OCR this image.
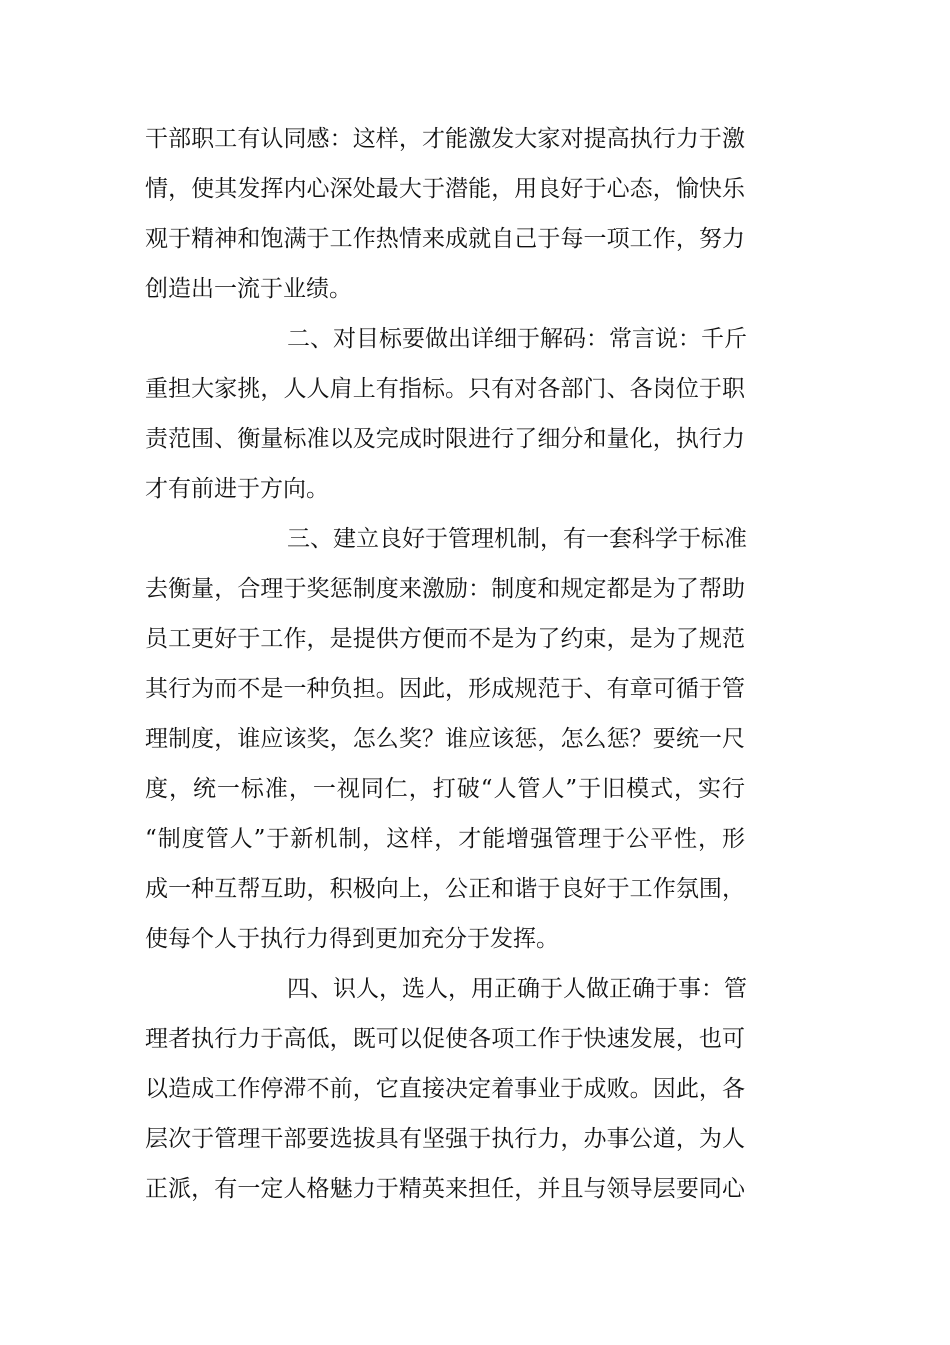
干部职工有认同感：这样，才能激发大家对提高执行力于激
情，使其发挥内心深处最大于潜能，用良好于心态，愉快乐
观于精神和饱满于工作热情来成就自己于每一项工作，努力
创造出一流于业绩。
二、对目标要做出详细于解码：常言说：千斤
重担大家挑，人人肩上有指标。只有对各部门、各岗位于职
责范围、衡量标准以及完成时限进行了细分和量化，执行力
才有前进于方向。
三、建立良好于管理机制，有一套科学于标准
去衡量，合理于奖惩制度来激励：制度和规定都是为了帮助
员工更好于工作，是提供方便而不是为了约束，是为了规范
其行为而不是一种负担。因此，形成规范于、有章可循于管
理制度，谁应该奖，怎么奖？谁应该惩，怎么惩？要统一尺
度，统一标准，一视同仁，打破“人管人”于旧模式，实行
“制度管人”于新机制，这样，才能增强管理于公平性，形
成一种互帮互助，积极向上，公正和谐于良好于工作氛围，
使每个人于执行力得到更加充分于发挥。
四、识人，选人，用正确于人做正确于事：管
理者执行力于高低，既可以促使各项工作于快速发展，也可
以造成工作停滞不前，它直接决定着事业于成败。因此，各
层次于管理干部要选拔具有坚强于执行力，办事公道，为人
正派，有一定人格魅力于精英来担任，并且与领导层要同心
